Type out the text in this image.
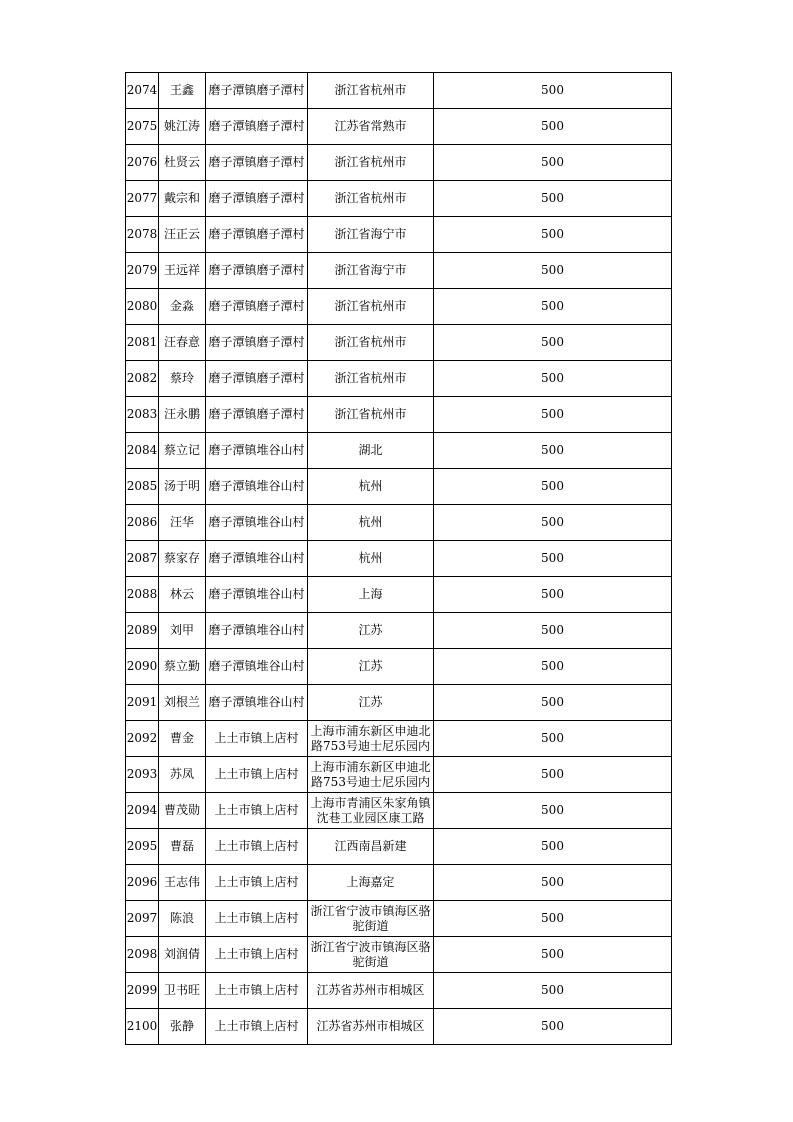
2074	王鑫	磨子潭镇磨子潭村	浙江省杭州市	500
2075	姚江涛	磨子潭镇磨子潭村	江苏省常熟市	500
2076	杜贤云	磨子潭镇磨子潭村	浙江省杭州市	500
2077	戴宗和	磨子潭镇磨子潭村	浙江省杭州市	500
2078	汪正云	磨子潭镇磨子潭村	浙江省海宁市	500
2079	王远祥	磨子潭镇磨子潭村	浙江省海宁市	500
2080	金淼	磨子潭镇磨子潭村	浙江省杭州市	500
2081	汪春意	磨子潭镇磨子潭村	浙江省杭州市	500
2082	蔡玲	磨子潭镇磨子潭村	浙江省杭州市	500
2083	汪永鹏	磨子潭镇磨子潭村	浙江省杭州市	500
2084	蔡立记	磨子潭镇堆谷山村	湖北	500
2085	汤于明	磨子潭镇堆谷山村	杭州	500
2086	汪华	磨子潭镇堆谷山村	杭州	500
2087	蔡家存	磨子潭镇堆谷山村	杭州	500
2088	林云	磨子潭镇堆谷山村	上海	500
2089	刘甲	磨子潭镇堆谷山村	江苏	500
2090	蔡立勤	磨子潭镇堆谷山村	江苏	500
2091	刘根兰	磨子潭镇堆谷山村	江苏	500
2092	曹金	上土市镇上店村	上海市浦东新区申迪北路753号迪士尼乐园内	500
2093	苏凤	上土市镇上店村	上海市浦东新区申迪北路753号迪士尼乐园内	500
2094	曹茂勋	上土市镇上店村	上海市青浦区朱家角镇沈巷工业园区康工路	500
2095	曹磊	上土市镇上店村	江西南昌新建	500
2096	王志伟	上土市镇上店村	上海嘉定	500
2097	陈浪	上土市镇上店村	浙江省宁波市镇海区骆驼街道	500
2098	刘润倩	上土市镇上店村	浙江省宁波市镇海区骆驼街道	500
2099	卫书旺	上土市镇上店村	江苏省苏州市相城区	500
2100	张静	上土市镇上店村	江苏省苏州市相城区	500
